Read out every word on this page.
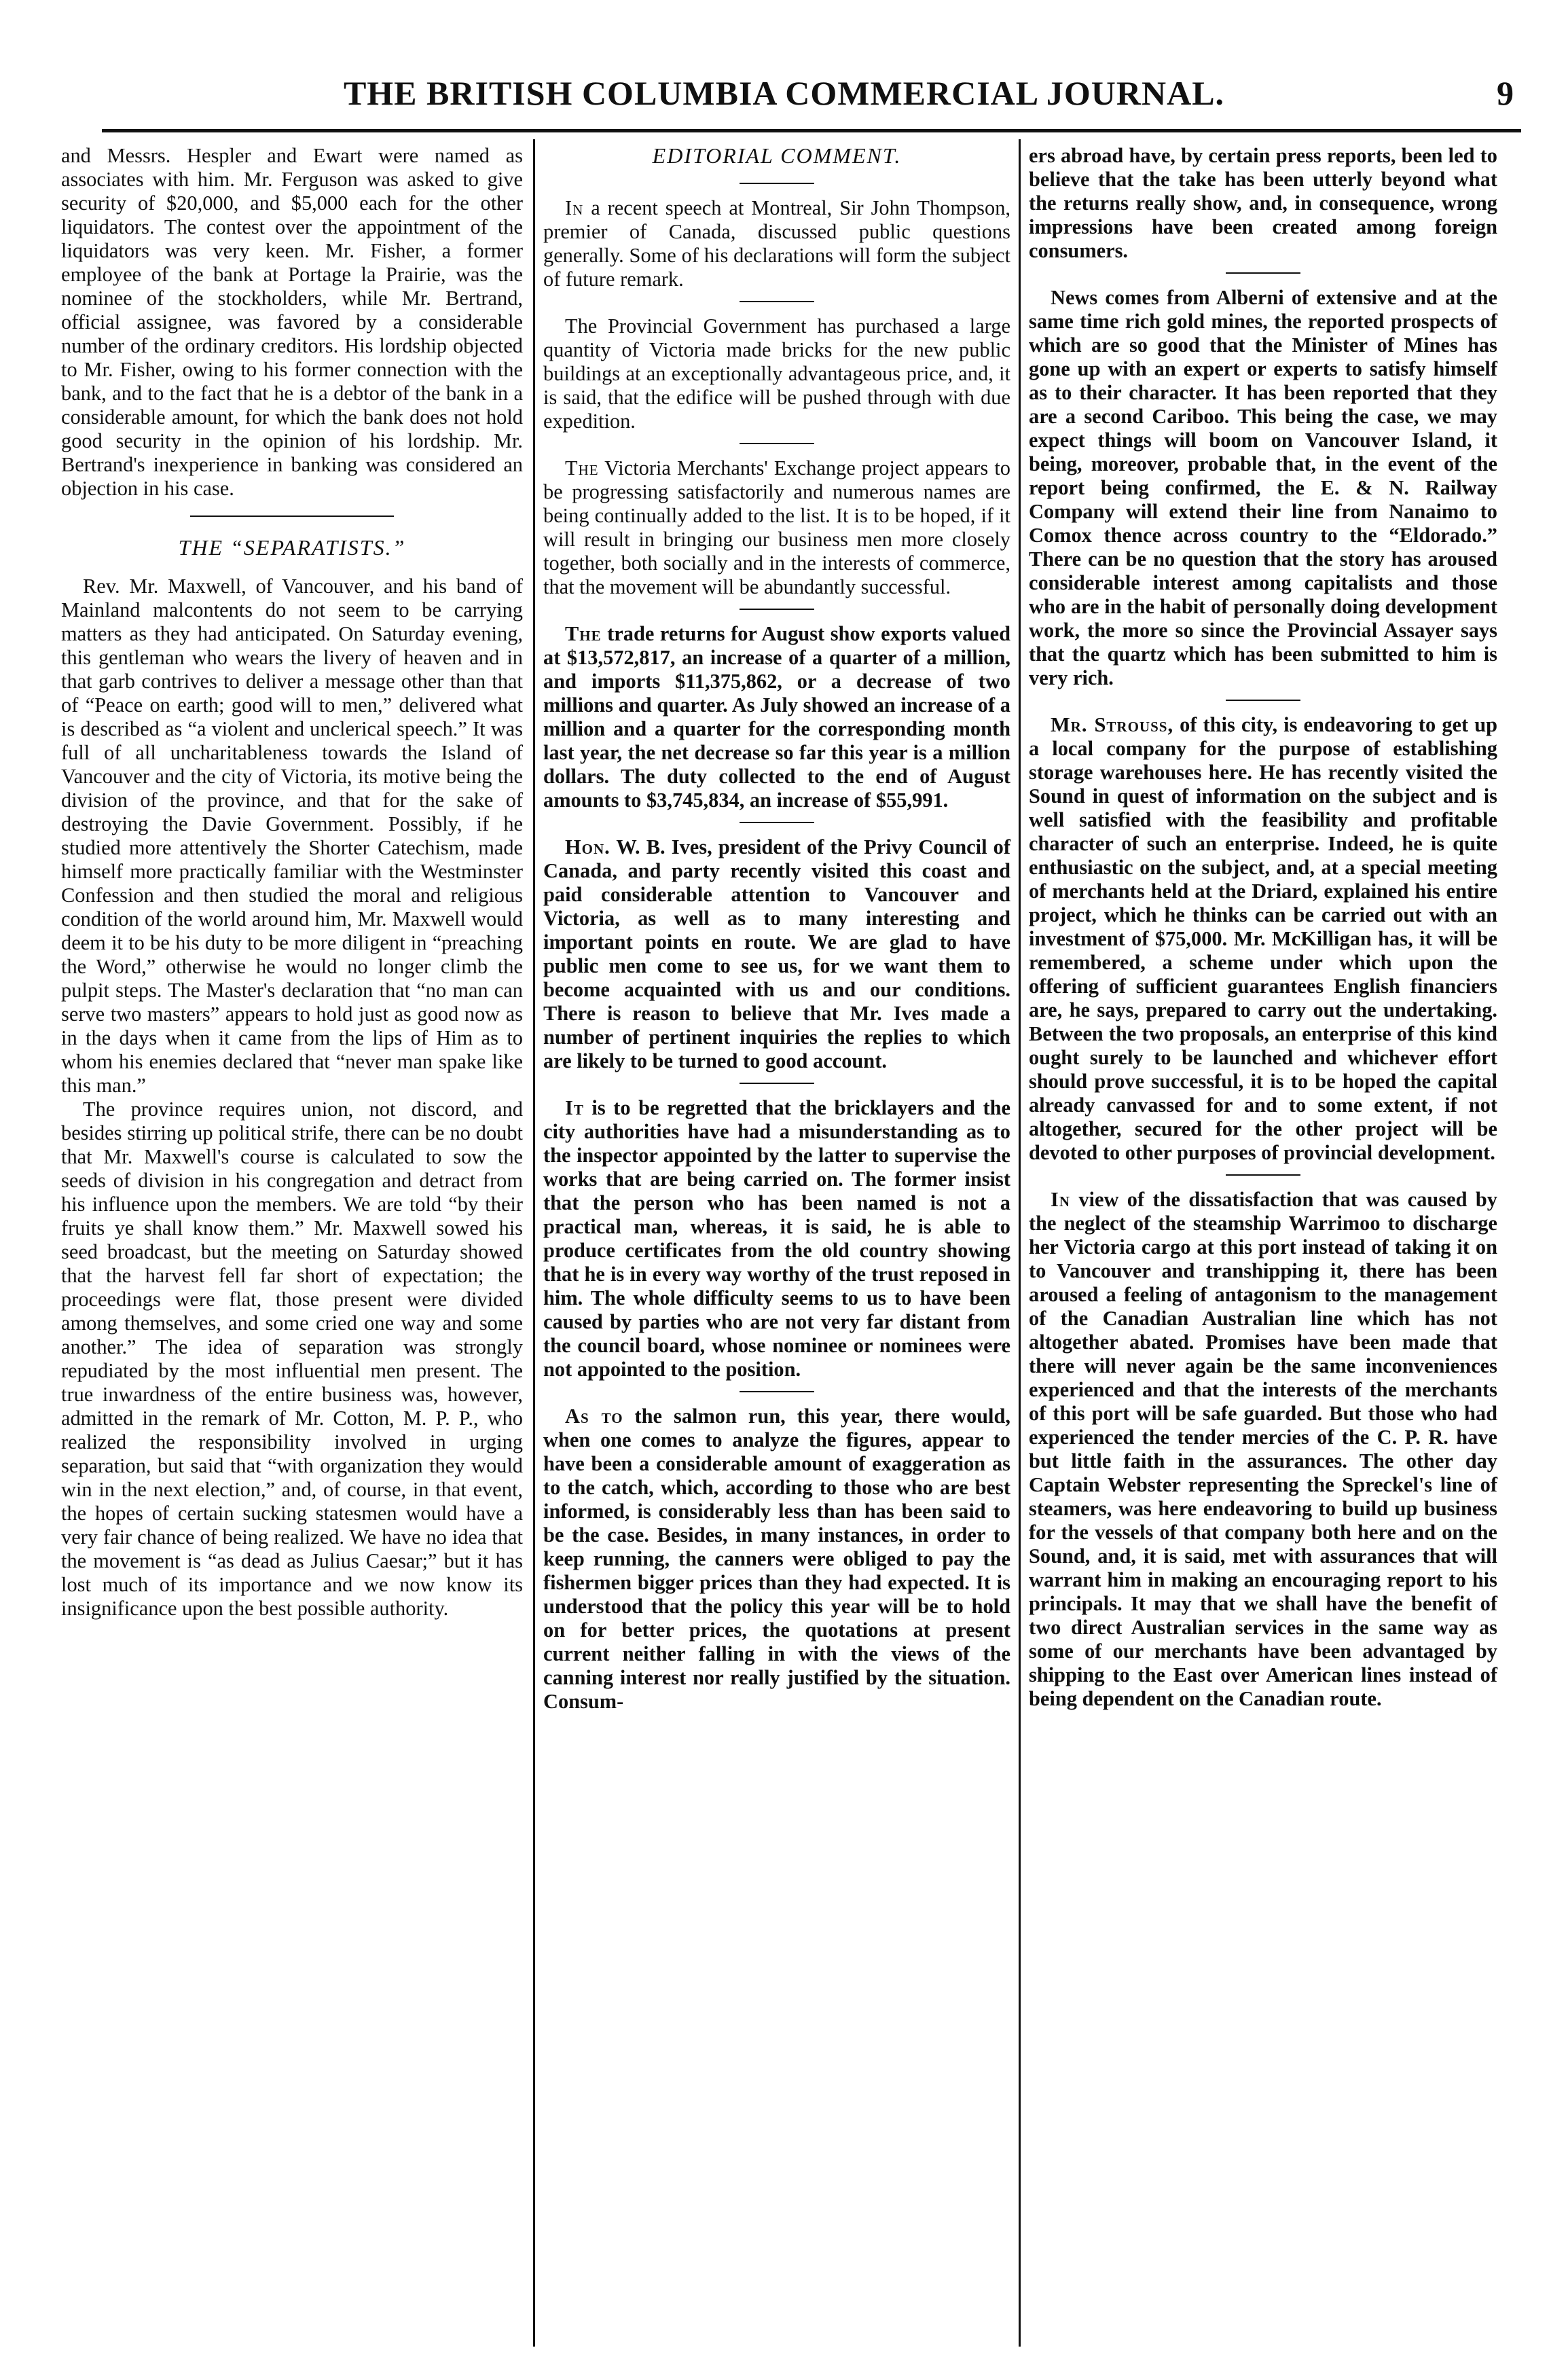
THE BRITISH COLUMBIA COMMERCIAL JOURNAL.	9

and Messrs. Hespler and Ewart were named as associates with him. Mr. Ferguson was asked to give security of $20,000, and $5,000 each for the other liquidators. The contest over the appointment of the liquidators was very keen. Mr. Fisher, a former employee of the bank at Portage la Prairie, was the nominee of the stockholders, while Mr. Bertrand, official assignee, was favored by a considerable number of the ordinary creditors. His lordship objected to Mr. Fisher, owing to his former connection with the bank, and to the fact that he is a debtor of the bank in a considerable amount, for which the bank does not hold good security in the opinion of his lordship. Mr. Bertrand's inexperience in banking was considered an objection in his case.

THE “SEPARATISTS.”

Rev. Mr. Maxwell, of Vancouver, and his band of Mainland malcontents do not seem to be carrying matters as they had anticipated. On Saturday evening, this gentleman who wears the livery of heaven and in that garb contrives to deliver a message other than that of “Peace on earth; good will to men,” delivered what is described as “a violent and unclerical speech.” It was full of all uncharitableness towards the Island of Vancouver and the city of Victoria, its motive being the division of the province, and that for the sake of destroying the Davie Government. Possibly, if he studied more attentively the Shorter Catechism, made himself more practically familiar with the Westminster Confession and then studied the moral and religious condition of the world around him, Mr. Maxwell would deem it to be his duty to be more diligent in “preaching the Word,” otherwise he would no longer climb the pulpit steps. The Master's declaration that “no man can serve two masters” appears to hold just as good now as in the days when it came from the lips of Him as to whom his enemies declared that “never man spake like this man.”

The province requires union, not discord, and besides stirring up political strife, there can be no doubt that Mr. Maxwell's course is calculated to sow the seeds of division in his congregation and detract from his influence upon the members. We are told “by their fruits ye shall know them.” Mr. Maxwell sowed his seed broadcast, but the meeting on Saturday showed that the harvest fell far short of expectation; the proceedings were flat, those present were divided among themselves, and some cried one way and some another.” The idea of separation was strongly repudiated by the most influential men present. The true inwardness of the entire business was, however, admitted in the remark of Mr. Cotton, M. P. P., who realized the responsibility involved in urging separation, but said that “with organization they would win in the next election,” and, of course, in that event, the hopes of certain sucking statesmen would have a very fair chance of being realized. We have no idea that the movement is “as dead as Julius Caesar;” but it has lost much of its importance and we now know its insignificance upon the best possible authority.

EDITORIAL COMMENT.

In a recent speech at Montreal, Sir John Thompson, premier of Canada, discussed public questions generally. Some of his declarations will form the subject of future remark.

The Provincial Government has purchased a large quantity of Victoria made bricks for the new public buildings at an exceptionally advantageous price, and, it is said, that the edifice will be pushed through with due expedition.

The Victoria Merchants' Exchange project appears to be progressing satisfactorily and numerous names are being continually added to the list. It is to be hoped, if it will result in bringing our business men more closely together, both socially and in the interests of commerce, that the movement will be abundantly successful.

The trade returns for August show exports valued at $13,572,817, an increase of a quarter of a million, and imports $11,375,862, or a decrease of two millions and quarter. As July showed an increase of a million and a quarter for the corresponding month last year, the net decrease so far this year is a million dollars. The duty collected to the end of August amounts to $3,745,834, an increase of $55,991.

Hon. W. B. Ives, president of the Privy Council of Canada, and party recently visited this coast and paid considerable attention to Vancouver and Victoria, as well as to many interesting and important points en route. We are glad to have public men come to see us, for we want them to become acquainted with us and our conditions. There is reason to believe that Mr. Ives made a number of pertinent inquiries the replies to which are likely to be turned to good account.

It is to be regretted that the bricklayers and the city authorities have had a misunderstanding as to the inspector appointed by the latter to supervise the works that are being carried on. The former insist that the person who has been named is not a practical man, whereas, it is said, he is able to produce certificates from the old country showing that he is in every way worthy of the trust reposed in him. The whole difficulty seems to us to have been caused by parties who are not very far distant from the council board, whose nominee or nominees were not appointed to the position.

As to the salmon run, this year, there would, when one comes to analyze the figures, appear to have been a considerable amount of exaggeration as to the catch, which, according to those who are best informed, is considerably less than has been said to be the case. Besides, in many instances, in order to keep running, the canners were obliged to pay the fishermen bigger prices than they had expected. It is understood that the policy this year will be to hold on for better prices, the quotations at present current neither falling in with the views of the canning interest nor really justified by the situation. Consum-

ers abroad have, by certain press reports, been led to believe that the take has been utterly beyond what the returns really show, and, in consequence, wrong impressions have been created among foreign consumers.

News comes from Alberni of extensive and at the same time rich gold mines, the reported prospects of which are so good that the Minister of Mines has gone up with an expert or experts to satisfy himself as to their character. It has been reported that they are a second Cariboo. This being the case, we may expect things will boom on Vancouver Island, it being, moreover, probable that, in the event of the report being confirmed, the E. & N. Railway Company will extend their line from Nanaimo to Comox thence across country to the “Eldorado.” There can be no question that the story has aroused considerable interest among capitalists and those who are in the habit of personally doing development work, the more so since the Provincial Assayer says that the quartz which has been submitted to him is very rich.

Mr. Strouss, of this city, is endeavoring to get up a local company for the purpose of establishing storage warehouses here. He has recently visited the Sound in quest of information on the subject and is well satisfied with the feasibility and profitable character of such an enterprise. Indeed, he is quite enthusiastic on the subject, and, at a special meeting of merchants held at the Driard, explained his entire project, which he thinks can be carried out with an investment of $75,000. Mr. McKilligan has, it will be remembered, a scheme under which upon the offering of sufficient guarantees English financiers are, he says, prepared to carry out the undertaking. Between the two proposals, an enterprise of this kind ought surely to be launched and whichever effort should prove successful, it is to be hoped the capital already canvassed for and to some extent, if not altogether, secured for the other project will be devoted to other purposes of provincial development.

In view of the dissatisfaction that was caused by the neglect of the steamship Warrimoo to discharge her Victoria cargo at this port instead of taking it on to Vancouver and transhipping it, there has been aroused a feeling of antagonism to the management of the Canadian Australian line which has not altogether abated. Promises have been made that there will never again be the same inconveniences experienced and that the interests of the merchants of this port will be safe guarded. But those who had experienced the tender mercies of the C. P. R. have but little faith in the assurances. The other day Captain Webster representing the Spreckel's line of steamers, was here endeavoring to build up business for the vessels of that company both here and on the Sound, and, it is said, met with assurances that will warrant him in making an encouraging report to his principals. It may that we shall have the benefit of two direct Australian services in the same way as some of our merchants have been advantaged by shipping to the East over American lines instead of being dependent on the Canadian route.
